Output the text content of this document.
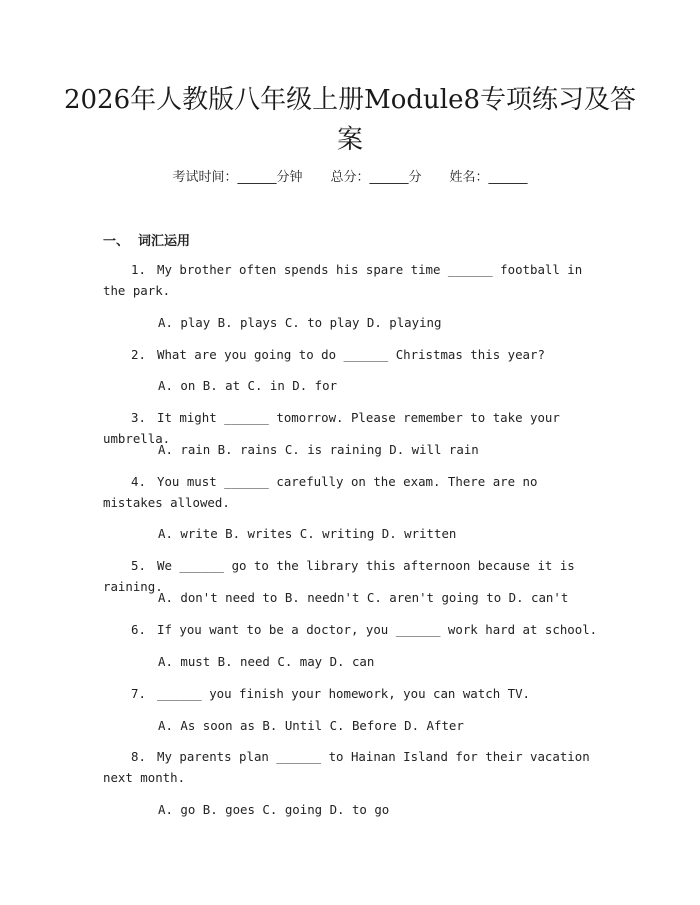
2026年人教版八年级上册Module8专项练习及答案
考试时间：______分钟 总分：______分 姓名：______
一、  词汇运用
1. My brother often spends his spare time ______ football in the park.
A. play B. plays C. to play D. playing
2. What are you going to do ______ Christmas this year?
A. on B. at C. in D. for
3. It might ______ tomorrow. Please remember to take your umbrella.
A. rain B. rains C. is raining D. will rain
4. You must ______ carefully on the exam. There are no mistakes allowed.
A. write B. writes C. writing D. written
5. We ______ go to the library this afternoon because it is raining.
A. don't need to B. needn't C. aren't going to D. can't
6. If you want to be a doctor, you ______ work hard at school.
A. must B. need C. may D. can
7. ______ you finish your homework, you can watch TV.
A. As soon as B. Until C. Before D. After
8. My parents plan ______ to Hainan Island for their vacation next month.
A. go B. goes C. going D. to go
